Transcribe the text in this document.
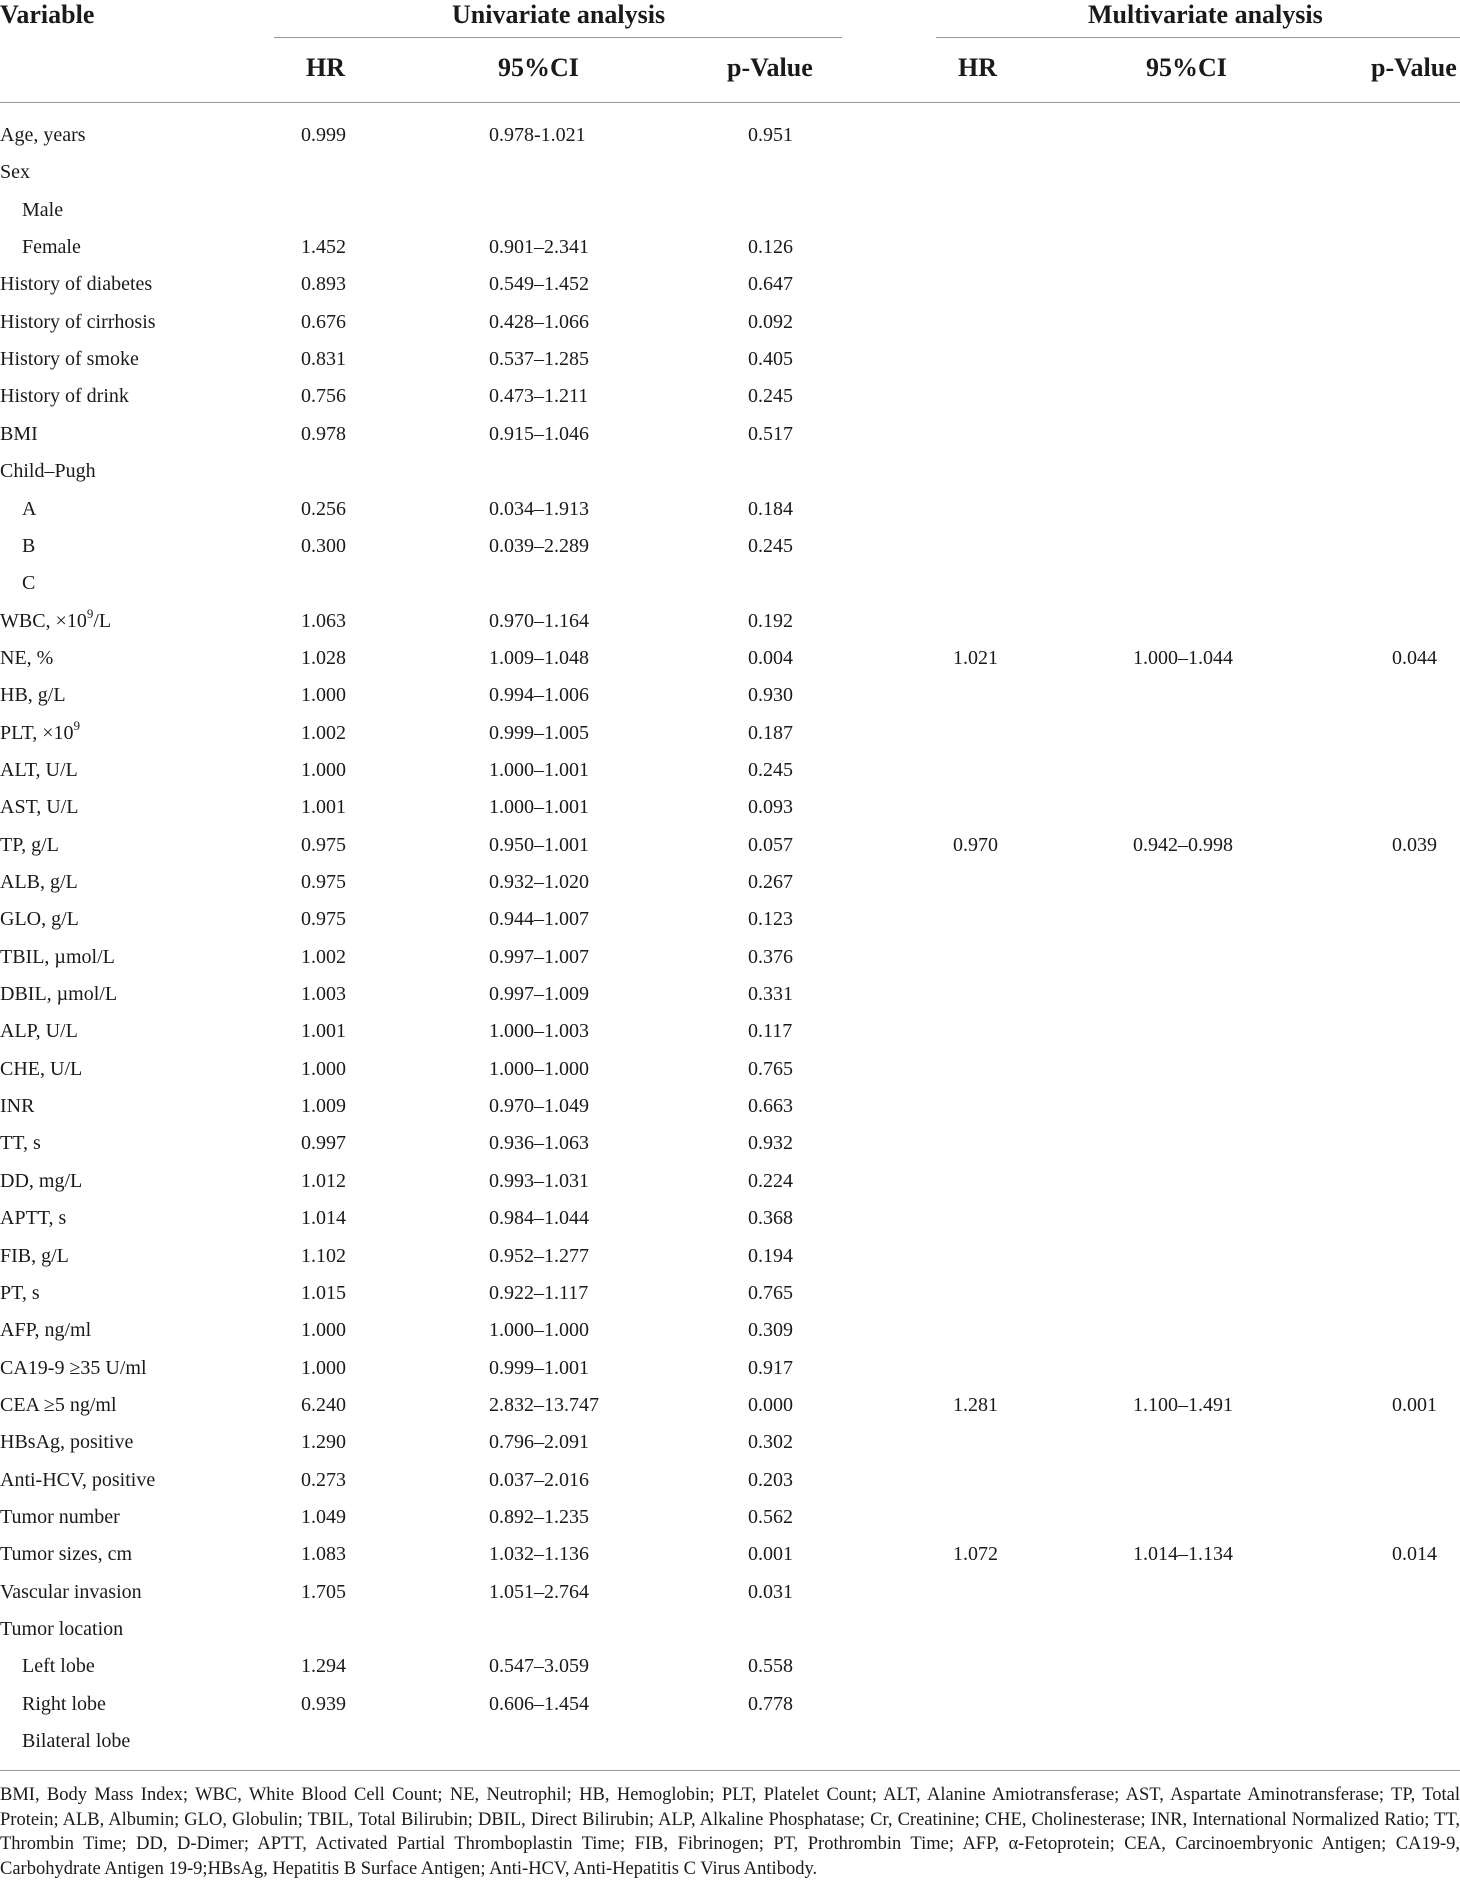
Variable	Univariate analysis	Multivariate analysis
HR	95%CI	p-Value	HR	95%CI	p-Value
Age, years	0.999	0.978-1.021	0.951
Sex
Male
Female	1.452	0.901–2.341	0.126
History of diabetes	0.893	0.549–1.452	0.647
History of cirrhosis	0.676	0.428–1.066	0.092
History of smoke	0.831	0.537–1.285	0.405
History of drink	0.756	0.473–1.211	0.245
BMI	0.978	0.915–1.046	0.517
Child–Pugh
A	0.256	0.034–1.913	0.184
B	0.300	0.039–2.289	0.245
C
WBC, $\times 10^9/L$	1.063	0.970–1.164	0.192
NE, %	1.028	1.009–1.048	0.004	1.021	1.000–1.044	0.044
HB, g/L	1.000	0.994–1.006	0.930
PLT, $\times 10^9$	1.002	0.999–1.005	0.187
ALT, U/L	1.000	1.000–1.001	0.245
AST, U/L	1.001	1.000–1.001	0.093
TP, g/L	0.975	0.950–1.001	0.057	0.970	0.942–0.998	0.039
ALB, g/L	0.975	0.932–1.020	0.267
GLO, g/L	0.975	0.944–1.007	0.123
TBIL, µmol/L	1.002	0.997–1.007	0.376
DBIL, µmol/L	1.003	0.997–1.009	0.331
ALP, U/L	1.001	1.000–1.003	0.117
CHE, U/L	1.000	1.000–1.000	0.765
INR	1.009	0.970–1.049	0.663
TT, s	0.997	0.936–1.063	0.932
DD, mg/L	1.012	0.993–1.031	0.224
APTT, s	1.014	0.984–1.044	0.368
FIB, g/L	1.102	0.952–1.277	0.194
PT, s	1.015	0.922–1.117	0.765
AFP, ng/ml	1.000	1.000–1.000	0.309
CA19-9 ≥35 U/ml	1.000	0.999–1.001	0.917
CEA ≥5 ng/ml	6.240	2.832–13.747	0.000	1.281	1.100–1.491	0.001
HBsAg, positive	1.290	0.796–2.091	0.302
Anti-HCV, positive	0.273	0.037–2.016	0.203
Tumor number	1.049	0.892–1.235	0.562
Tumor sizes, cm	1.083	1.032–1.136	0.001	1.072	1.014–1.134	0.014
Vascular invasion	1.705	1.051–2.764	0.031
Tumor location
Left lobe	1.294	0.547–3.059	0.558
Right lobe	0.939	0.606–1.454	0.778
Bilateral lobe
BMI, Body Mass Index; WBC, White Blood Cell Count; NE, Neutrophil; HB, Hemoglobin; PLT, Platelet Count; ALT, Alanine Amiotransferase; AST, Aspartate Aminotransferase; TP, Total Protein; ALB, Albumin; GLO, Globulin; TBIL, Total Bilirubin; DBIL, Direct Bilirubin; ALP, Alkaline Phosphatase; Cr, Creatinine; CHE, Cholinesterase; INR, International Normalized Ratio; TT, Thrombin Time; DD, D-Dimer; APTT, Activated Partial Thromboplastin Time; FIB, Fibrinogen; PT, Prothrombin Time; AFP, α-Fetoprotein; CEA, Carcinoembryonic Antigen; CA19-9, Carbohydrate Antigen 19-9;HBsAg, Hepatitis B Surface Antigen; Anti-HCV, Anti-Hepatitis C Virus Antibody.
